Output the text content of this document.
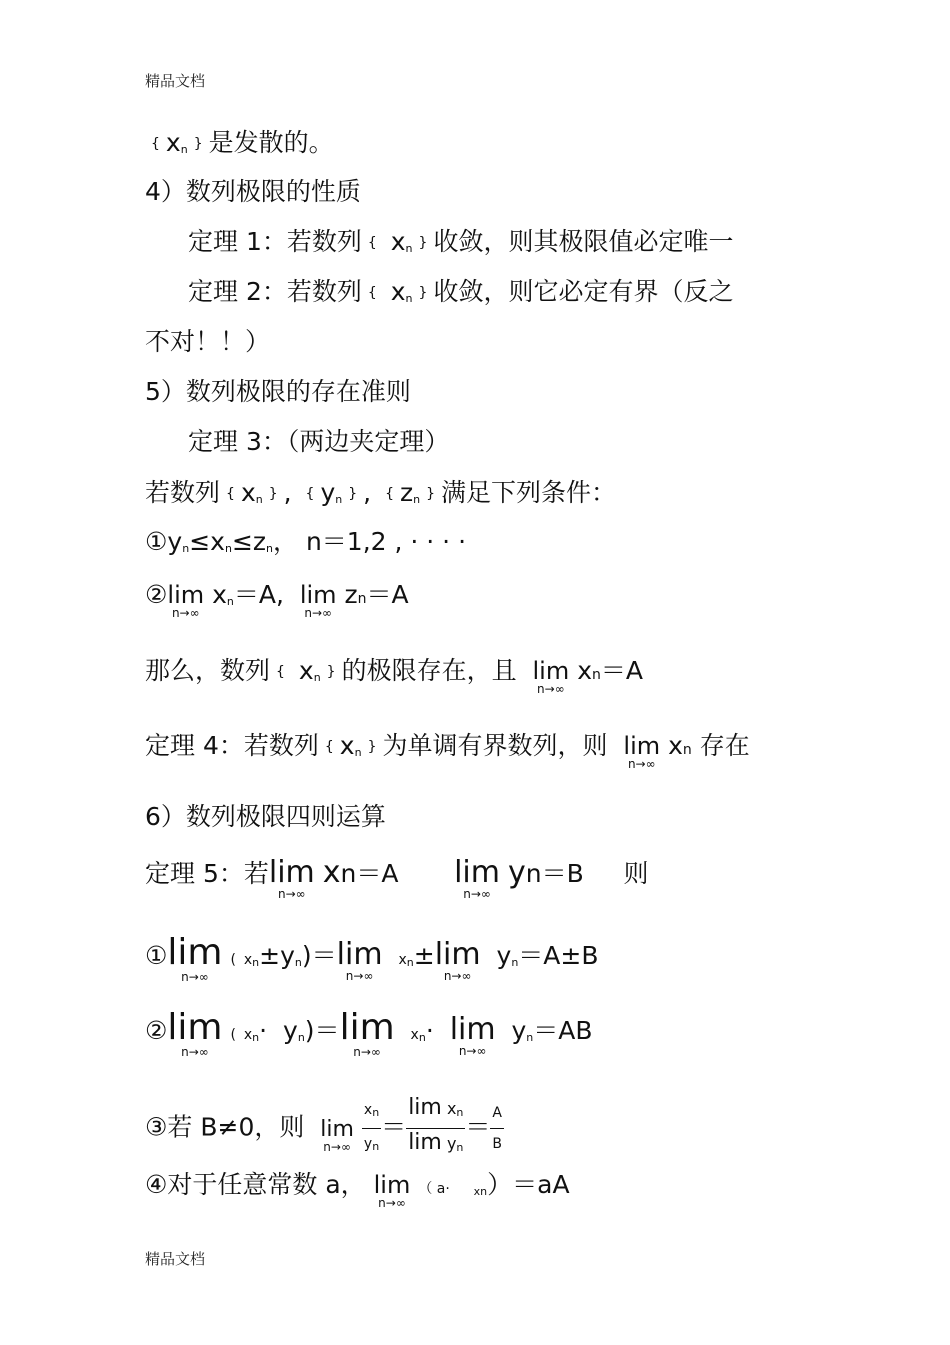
精品文档
{ xn } 是发散的。
4）数列极限的性质
定理 1：若数列 { xn } 收敛，则其极限值必定唯一
定理 2：若数列 { xn } 收敛，则它必定有界（反之
不对！！）
5）数列极限的存在准则
定理 3：（两边夹定理）
若数列 { xn } , { yn } , { zn } 满足下列条件：
①yn≤xn≤zn， n＝1,2 , · · · ·
② lim
n→∞
xn＝A, lim
n→∞
zn＝A
那么，数列 { xn } 的极限存在，且 lim
n→∞
xn＝A
定理 4：若数列 { xn } 为单调有界数列，则 lim
n→∞
xn 存在
6）数列极限四则运算
定理 5：若 lim
n→∞
xn＝A lim
n→∞
yn＝B 则
① lim
n→∞
( xn±yn)＝ lim
n→∞
xn± lim
n→∞
yn＝A±B
② lim
n→∞
( xn· yn)＝ lim
n→∞
xn· lim
n→∞
yn＝AB
③若 B≠0，则 lim
n→∞
$\frac{xn}{yn} = \frac{\text{lim xn}}{\text{lim yn}} = \frac{A}{B}$
④对于任意常数 a， lim
n→∞
（ a· xn）＝aA
精品文档
